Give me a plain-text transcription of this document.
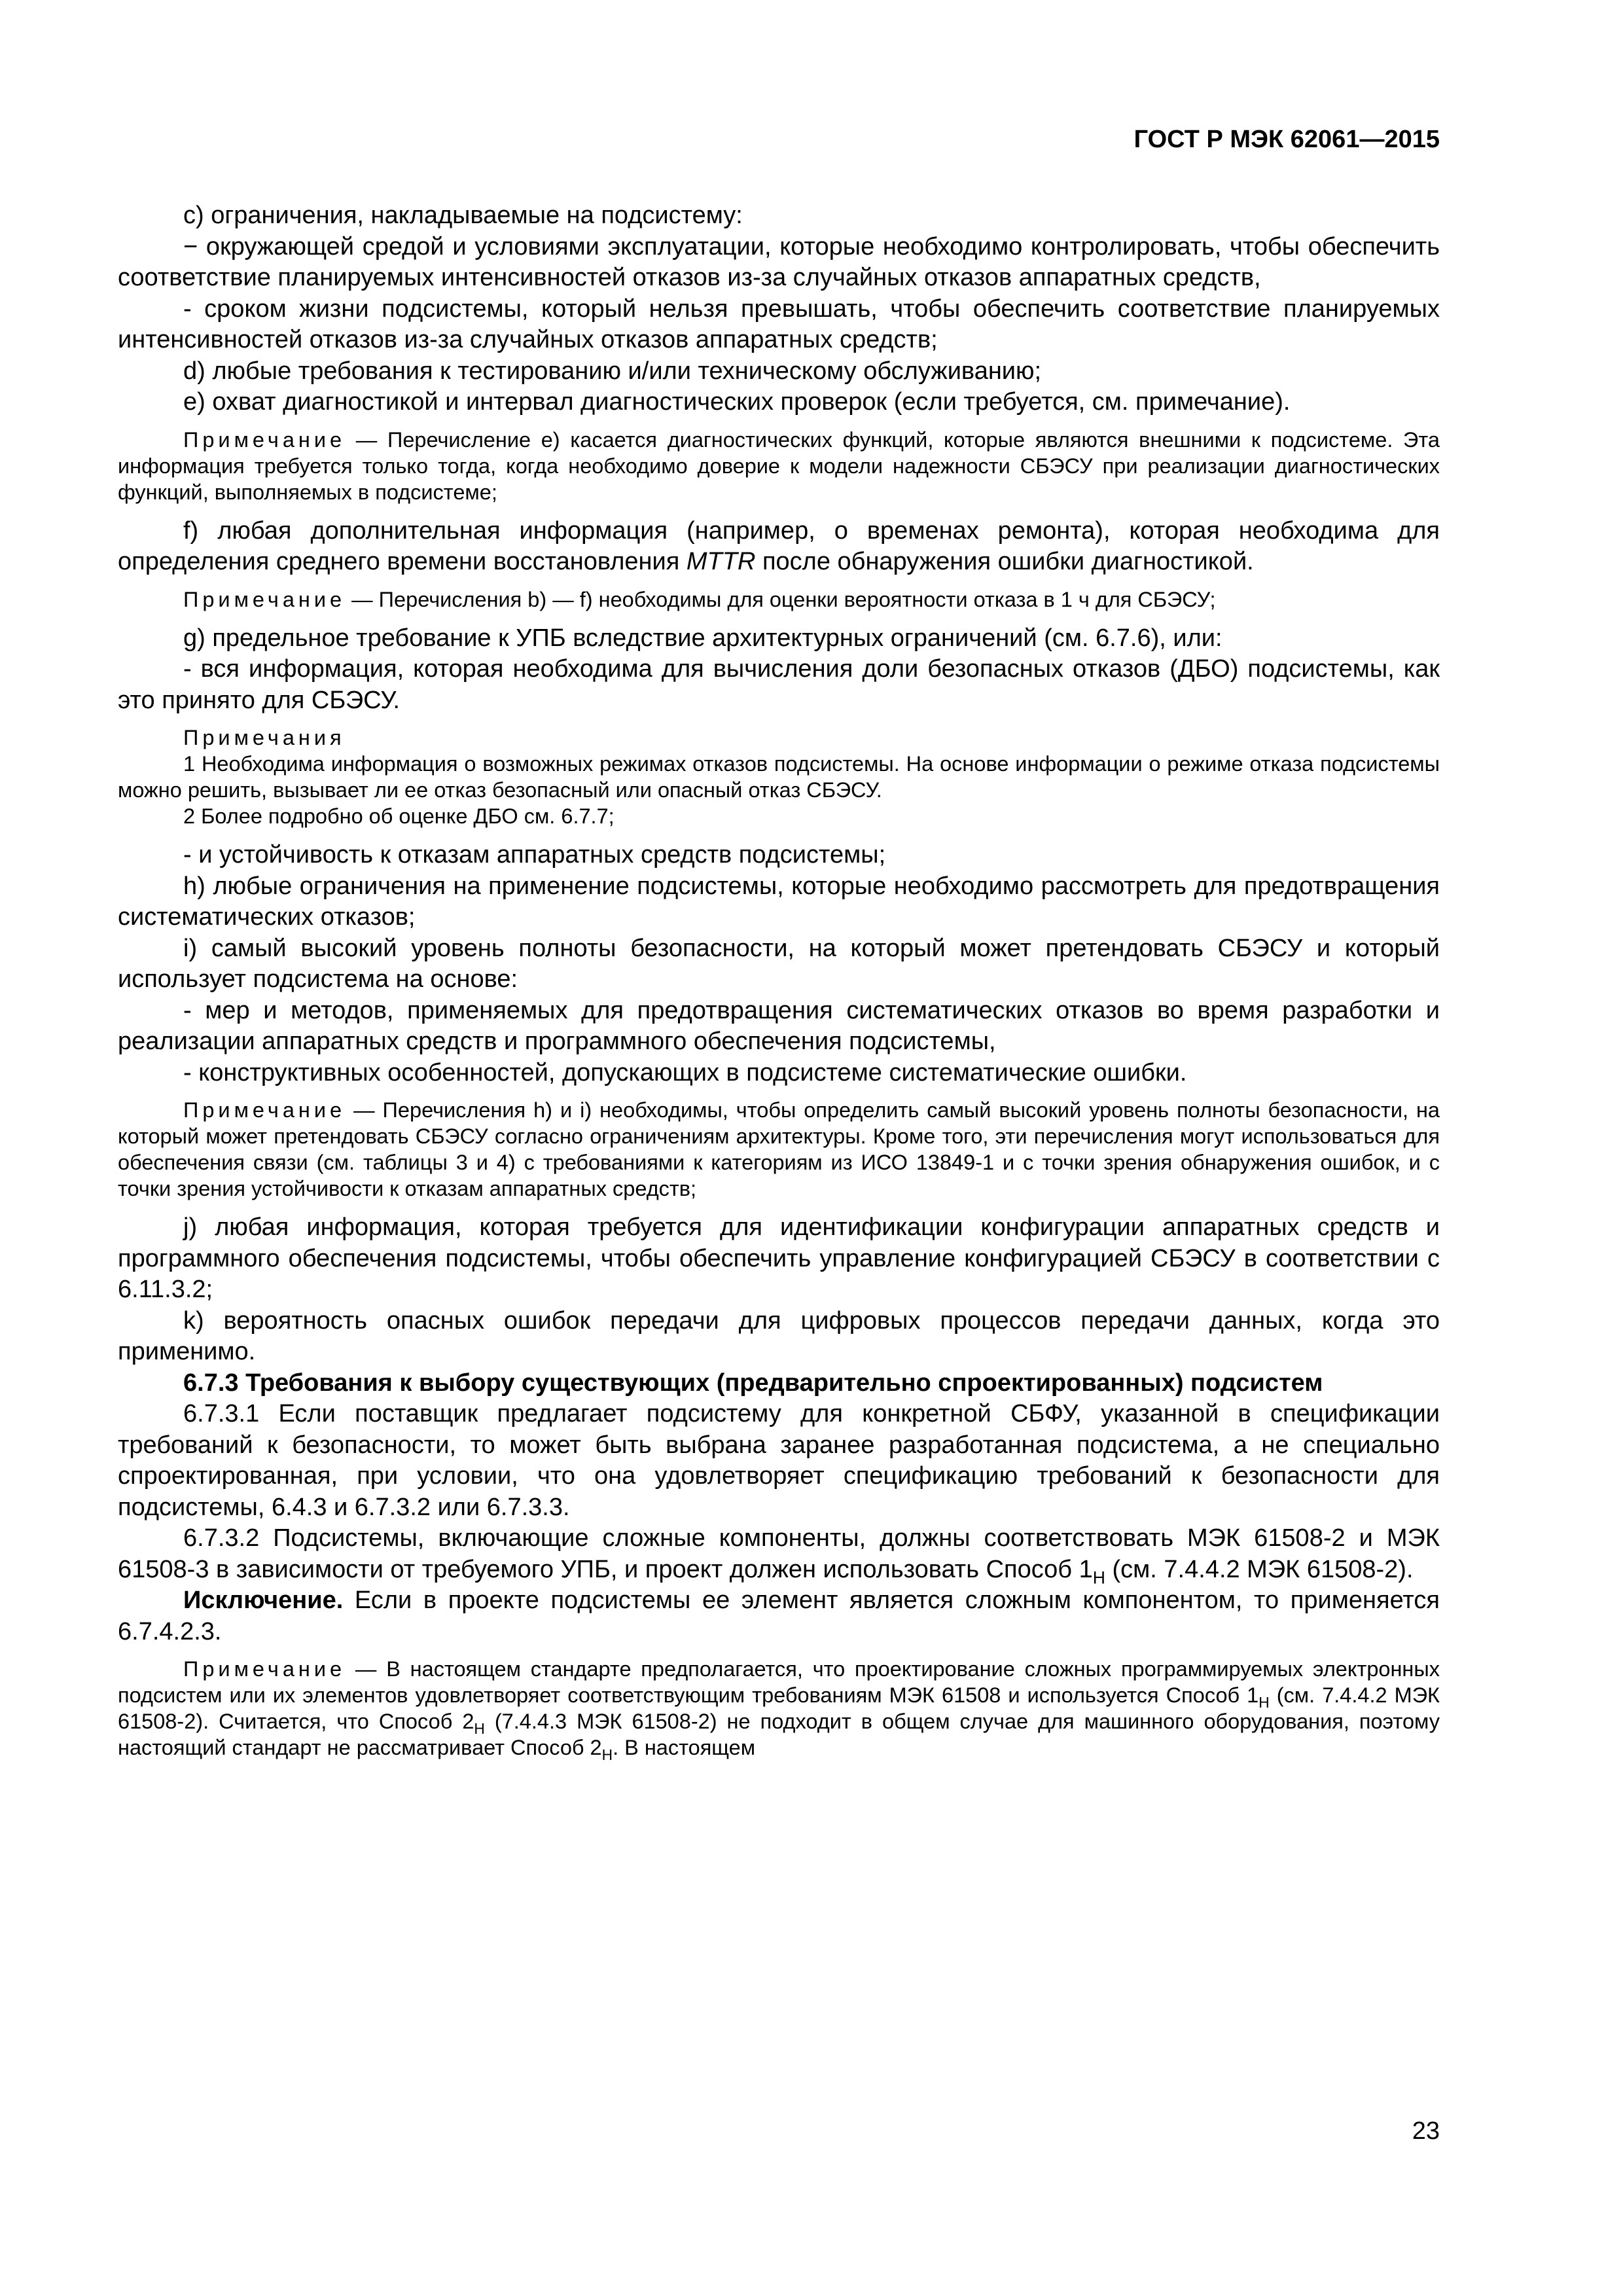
ГОСТ Р МЭК 62061—2015

c) ограничения, накладываемые на подсистему:

− окружающей средой и условиями эксплуатации, которые необходимо контролировать, чтобы обеспечить соответствие планируемых интенсивностей отказов из-за случайных отказов аппаратных средств,

- сроком жизни подсистемы, который нельзя превышать, чтобы обеспечить соответствие планируемых интенсивностей отказов из-за случайных отказов аппаратных средств;

d) любые требования к тестированию и/или техническому обслуживанию;

e) охват диагностикой и интервал диагностических проверок (если требуется, см. примечание).

Примечание — Перечисление e) касается диагностических функций, которые являются внешними к подсистеме. Эта информация требуется только тогда, когда необходимо доверие к модели надежности СБЭСУ при реализации диагностических функций, выполняемых в подсистеме;

f) любая дополнительная информация (например, о временах ремонта), которая необходима для определения среднего времени восстановления MTTR после обнаружения ошибки диагностикой.

Примечание — Перечисления b) — f) необходимы для оценки вероятности отказа в 1 ч для СБЭСУ;

g) предельное требование к УПБ вследствие архитектурных ограничений (см. 6.7.6), или:

- вся информация, которая необходима для вычисления доли безопасных отказов (ДБО) подсистемы, как это принято для СБЭСУ.

Примечания

1 Необходима информация о возможных режимах отказов подсистемы. На основе информации о режиме отказа подсистемы можно решить, вызывает ли ее отказ безопасный или опасный отказ СБЭСУ.

2 Более подробно об оценке ДБО см. 6.7.7;

- и устойчивость к отказам аппаратных средств подсистемы;

h) любые ограничения на применение подсистемы, которые необходимо рассмотреть для предотвращения систематических отказов;

i) самый высокий уровень полноты безопасности, на который может претендовать СБЭСУ и который использует подсистема на основе:

- мер и методов, применяемых для предотвращения систематических отказов во время разработки и реализации аппаратных средств и программного обеспечения подсистемы,

- конструктивных особенностей, допускающих в подсистеме систематические ошибки.

Примечание — Перечисления h) и i) необходимы, чтобы определить самый высокий уровень полноты безопасности, на который может претендовать СБЭСУ согласно ограничениям архитектуры. Кроме того, эти перечисления могут использоваться для обеспечения связи (см. таблицы 3 и 4) с требованиями к категориям из ИСО 13849-1 и с точки зрения обнаружения ошибок, и с точки зрения устойчивости к отказам аппаратных средств;

j) любая информация, которая требуется для идентификации конфигурации аппаратных средств и программного обеспечения подсистемы, чтобы обеспечить управление конфигурацией СБЭСУ в соответствии с 6.11.3.2;

k) вероятность опасных ошибок передачи для цифровых процессов передачи данных, когда это применимо.

6.7.3 Требования к выбору существующих (предварительно спроектированных) подсистем

6.7.3.1 Если поставщик предлагает подсистему для конкретной СБФУ, указанной в спецификации требований к безопасности, то может быть выбрана заранее разработанная подсистема, а не специально спроектированная, при условии, что она удовлетворяет спецификацию требований к безопасности для подсистемы, 6.4.3 и 6.7.3.2 или 6.7.3.3.

6.7.3.2 Подсистемы, включающие сложные компоненты, должны соответствовать МЭК 61508-2 и МЭК 61508-3 в зависимости от требуемого УПБ, и проект должен использовать Способ $1_Н$ (см. 7.4.4.2 МЭК 61508-2).

Исключение. Если в проекте подсистемы ее элемент является сложным компонентом, то применяется 6.7.4.2.3.

Примечание — В настоящем стандарте предполагается, что проектирование сложных программируемых электронных подсистем или их элементов удовлетворяет соответствующим требованиям МЭК 61508 и используется Способ $1_Н$ (см. 7.4.4.2 МЭК 61508-2). Считается, что Способ $2_Н$ (7.4.4.3 МЭК 61508-2) не подходит в общем случае для машинного оборудования, поэтому настоящий стандарт не рассматривает Способ $2_Н$. В настоящем

23
